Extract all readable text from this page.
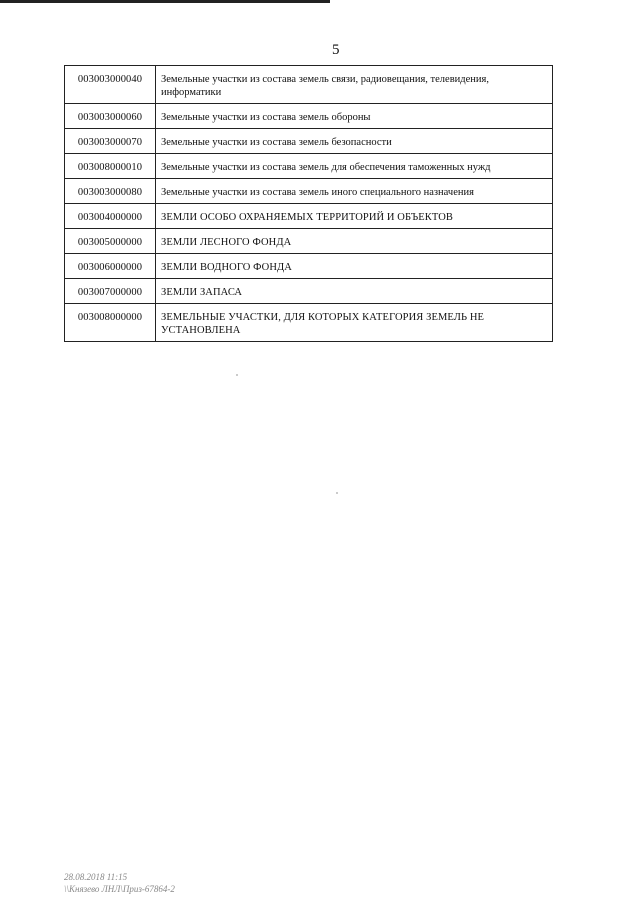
5
003003000040	Земельные участки из состава земель связи, радиовещания, телевидения, информатики
003003000060	Земельные участки из состава земель обороны
003003000070	Земельные участки из состава земель безопасности
003008000010	Земельные участки из состава земель для обеспечения таможенных нужд
003003000080	Земельные участки из состава земель иного специального назначения
003004000000	ЗЕМЛИ ОСОБО ОХРАНЯЕМЫХ ТЕРРИТОРИЙ И ОБЪЕКТОВ
003005000000	ЗЕМЛИ ЛЕСНОГО ФОНДА
003006000000	ЗЕМЛИ ВОДНОГО ФОНДА
003007000000	ЗЕМЛИ ЗАПАСА
003008000000	ЗЕМЕЛЬНЫЕ УЧАСТКИ, ДЛЯ КОТОРЫХ КАТЕГОРИЯ ЗЕМЕЛЬ НЕ УСТАНОВЛЕНА
28.08.2018 11:15
\\Князево ЛНЛ\Приз-67864-2
